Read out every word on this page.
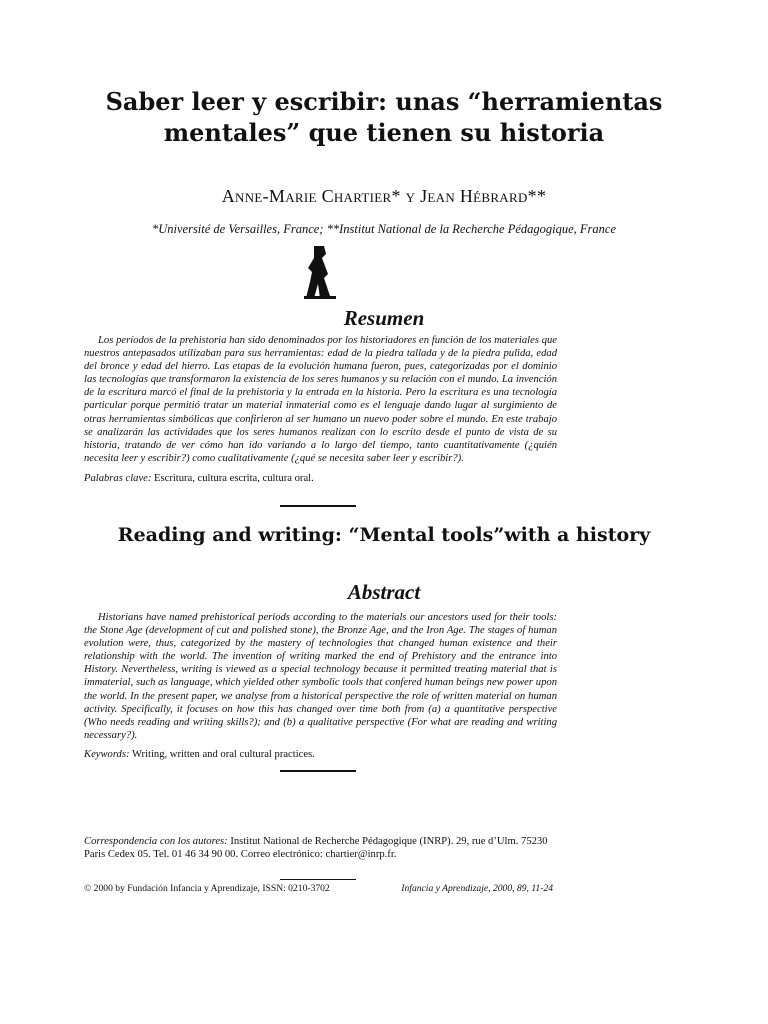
Saber leer y escribir: unas “herramientas mentales” que tienen su historia

Anne-Marie Chartier* y Jean Hébrard**

*Université de Versailles, France; **Institut National de la Recherche Pédagogique, France

Resumen

Los períodos de la prehistoria han sido denominados por los historiadores en función de los materiales que nuestros antepasados utilizaban para sus herramientas: edad de la piedra tallada y de la piedra pulida, edad del bronce y edad del hierro. Las etapas de la evolución humana fueron, pues, categorizadas por el dominio las tecnologías que transformaron la existencia de los seres humanos y su relación con el mundo. La invención de la escritura marcó el final de la prehistoria y la entrada en la historia. Pero la escritura es una tecnología particular porque permitió tratar un material inmaterial como es el lenguaje dando lugar al surgimiento de otras herramientas simbólicas que confirieron al ser humano un nuevo poder sobre el mundo. En este trabajo se analizarán las actividades que los seres humanos realizan con lo escrito desde el punto de vista de su historia, tratando de ver cómo han ido variando a lo largo del tiempo, tanto cuantitativamente (¿quién necesita leer y escribir?) como cualitativamente (¿qué se necesita saber leer y escribir?).

Palabras clave: Escritura, cultura escrita, cultura oral.

Reading and writing: “Mental tools”with a history
Abstract

Historians have named prehistorical periods according to the materials our ancestors used for their tools: the Stone Age (development of cut and polished stone), the Bronze Age, and the Iron Age. The stages of human evolution were, thus, categorized by the mastery of technologies that changed human existence and their relationship with the world. The invention of writing marked the end of Prehistory and the entrance into History. Nevertheless, writing is viewed as a special technology because it permitted treating material that is immaterial, such as language, which yielded other symbolic tools that confered human beings new power upon the world. In the present paper, we analyse from a historical perspective the role of written material on human activity. Specifically, it focuses on how this has changed over time both from (a) a quantitative perspective (Who needs reading and writing skills?); and (b) a qualitative perspective (For what are reading and writing necessary?).

Keywords: Writing, written and oral cultural practices.

Correspondencia con los autores: Institut National de Recherche Pédagogique (INRP). 29, rue d’Ulm. 75230 Paris Cedex 05. Tel. 01 46 34 90 00. Correo electrónico: chartier@inrp.fr.

© 2000 by Fundación Infancia y Aprendizaje, ISSN: 0210-3702	Infancia y Aprendizaje, 2000, 89, 11-24
